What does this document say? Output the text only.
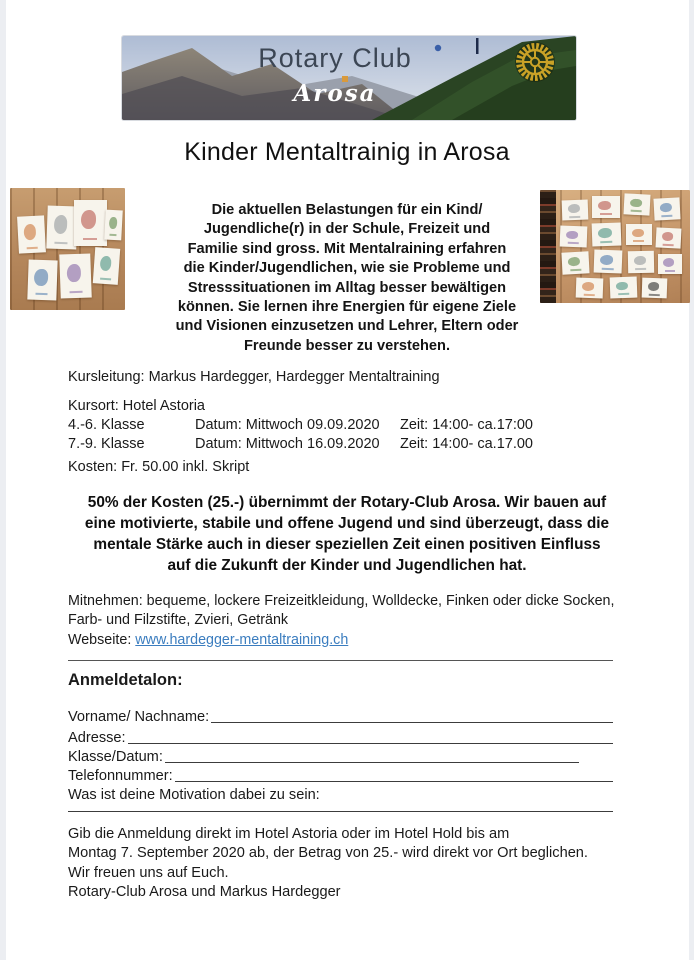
Rotary Club
Arosa
Kinder Mentaltrainig in Arosa
Die aktuellen Belastungen für ein Kind/
Jugendliche(r) in der Schule, Freizeit und
Familie sind gross. Mit Mentalraining erfahren
die Kinder/Jugendlichen, wie sie Probleme und
Stresssituationen im Alltag besser bewältigen
können. Sie lernen ihre Energien für eigene Ziele
und Visionen einzusetzen und Lehrer, Eltern oder
Freunde besser zu verstehen.
Kursleitung: Markus Hardegger, Hardegger Mentaltraining
Kursort: Hotel Astoria
4.-6. Klasse	Datum: Mittwoch 09.09.2020	Zeit: 14:00- ca.17:00
7.-9. Klasse	Datum: Mittwoch 16.09.2020	Zeit: 14:00- ca.17.00
Kosten: Fr. 50.00 inkl. Skript
50% der Kosten (25.-) übernimmt der Rotary-Club Arosa. Wir bauen auf
eine motivierte, stabile und offene Jugend und sind überzeugt, dass die
mentale Stärke auch in dieser speziellen Zeit einen positiven Einfluss
auf die Zukunft der Kinder und Jugendlichen hat.
Mitnehmen: bequeme, lockere Freizeitkleidung, Wolldecke, Finken oder dicke Socken,
Farb- und Filzstifte, Zvieri, Getränk
Webseite: www.hardegger-mentaltraining.ch
Anmeldetalon:
Vorname/ Nachname:
Adresse:
Klasse/Datum:
Telefonnummer:
Was ist deine Motivation dabei zu sein:
Gib die Anmeldung direkt im Hotel Astoria oder im Hotel Hold bis am
Montag 7. September 2020 ab, der Betrag von 25.- wird direkt vor Ort beglichen.
Wir freuen uns auf Euch.
Rotary-Club Arosa und Markus Hardegger
